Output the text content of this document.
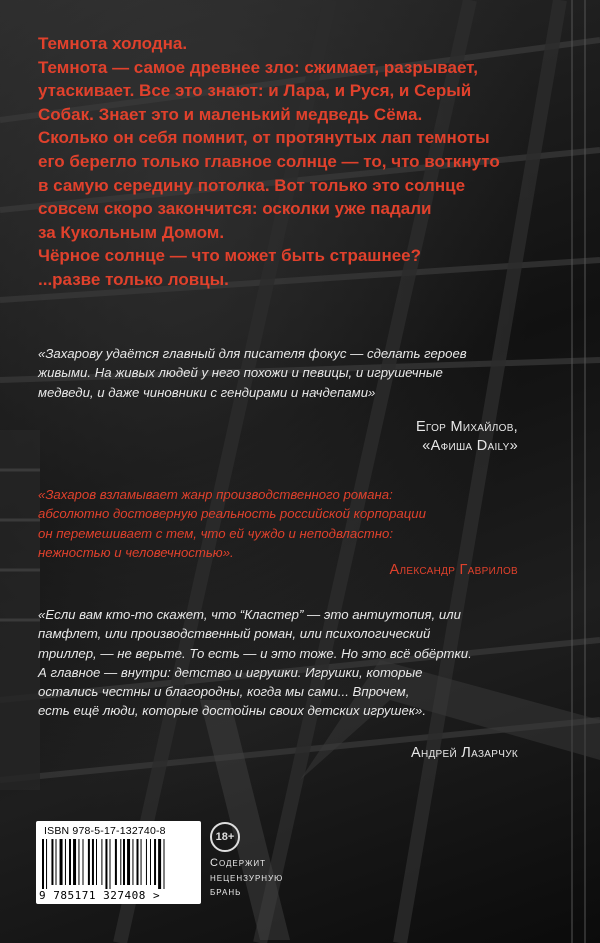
Темнота холодна.

Темнота — самое древнее зло: сжимает, разрывает,

утаскивает. Все это знают: и Лара, и Руся, и Серый

Собак. Знает это и маленький медведь Сёма.

Сколько он себя помнит, от протянутых лап темноты

его берегло только главное солнце — то, что воткнуто

в самую середину потолка. Вот только это солнце

совсем скоро закончится: осколки уже падали

за Кукольным Домом.

Чёрное солнце — что может быть страшнее?

...разве только ловцы.

«Захарову удаётся главный для писателя фокус — сделать героев
живыми. На живых людей у него похожи и певицы, и игрушечные
медведи, и даже чиновники с гендирами и начдепами»
Егор Михайлов,
«Афиша Daily»
«Захаров взламывает жанр производственного романа:
абсолютно достоверную реальность российской корпорации
он перемешивает с тем, что ей чуждо и неподвластно:
нежностью и человечностью».
Александр Гаврилов
«Если вам кто-то скажет, что “Кластер” — это антиутопия, или
памфлет, или производственный роман, или психологический
триллер, — не верьте. То есть — и это тоже. Но это всё обёртки.
А главное — внутри: детство и игрушки. Игрушки, которые
остались честны и благородны, когда мы сами... Впрочем,
есть ещё люди, которые достойны своих детских игрушек».
Андрей Лазарчук
ISBN 978-5-17-132740-8
9 785171 327408 >
18+
Содержит
нецензурную
брань
